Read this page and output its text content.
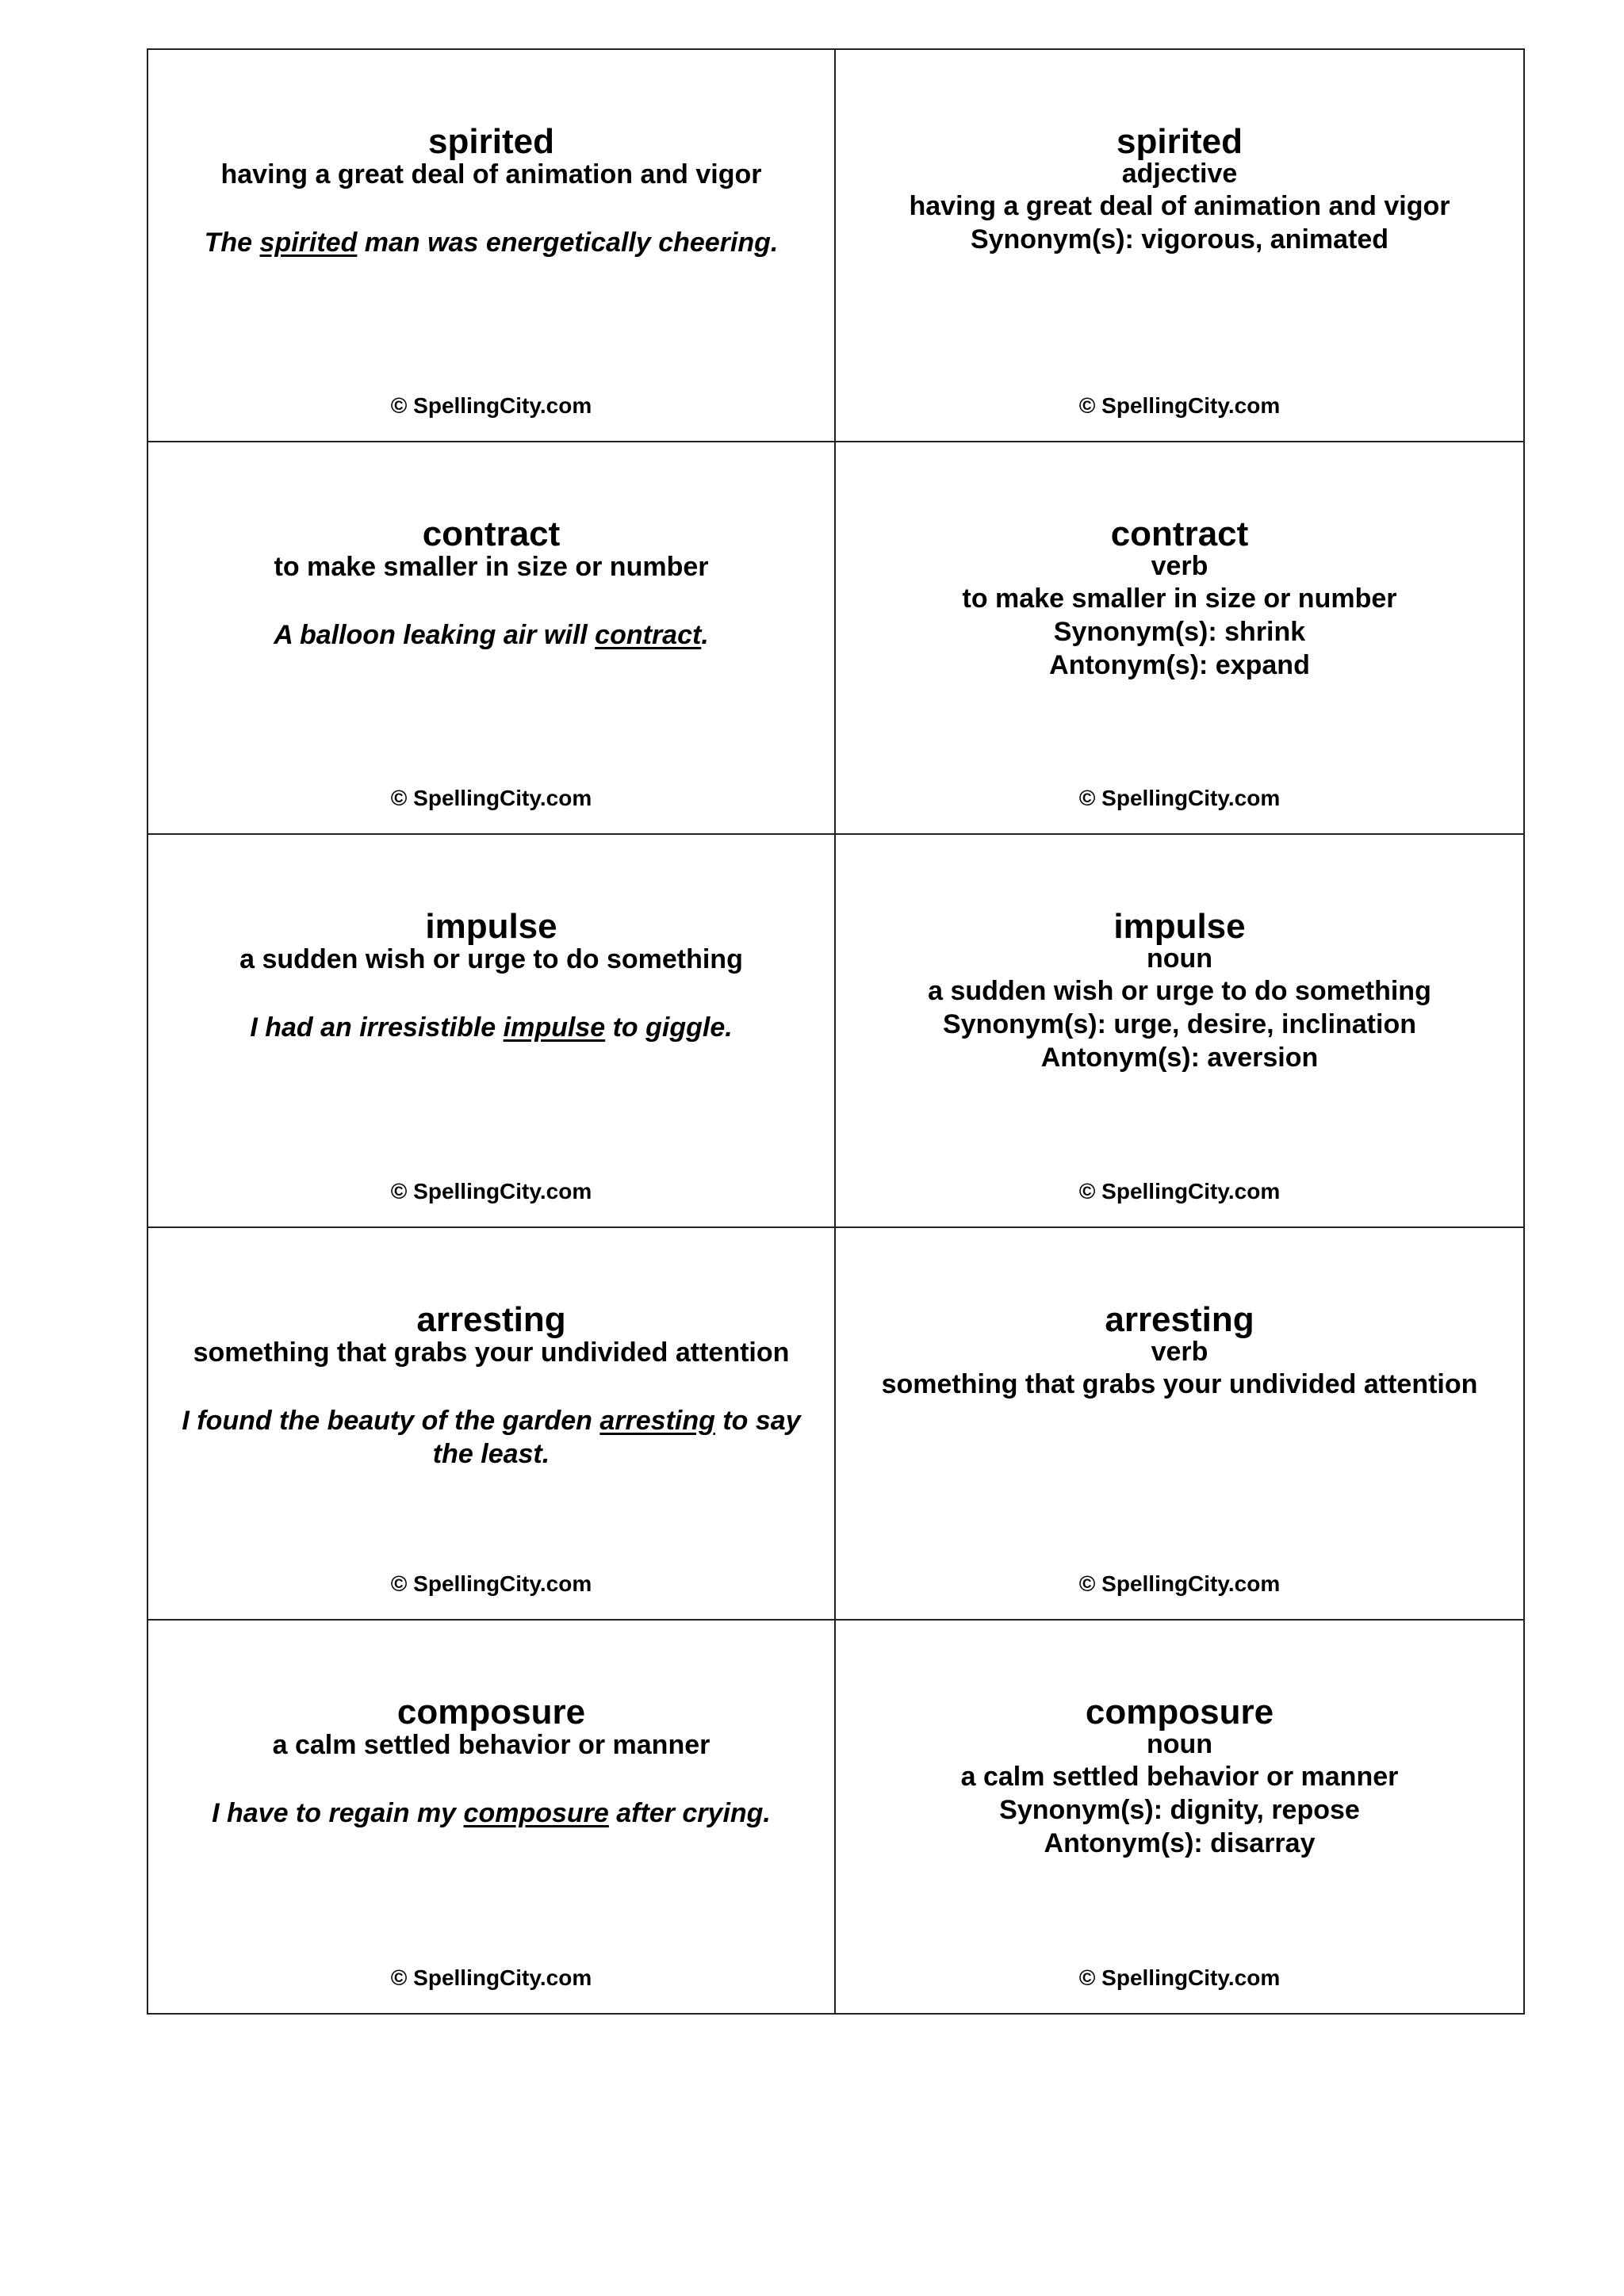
spirited
having a great deal of animation and vigor
The spirited man was energetically cheering.
© SpellingCity.com
spirited
adjective
having a great deal of animation and vigor
Synonym(s): vigorous, animated
© SpellingCity.com
contract
to make smaller in size or number
A balloon leaking air will contract.
© SpellingCity.com
contract
verb
to make smaller in size or number
Synonym(s): shrink
Antonym(s): expand
© SpellingCity.com
impulse
a sudden wish or urge to do something
I had an irresistible impulse to giggle.
© SpellingCity.com
impulse
noun
a sudden wish or urge to do something
Synonym(s): urge, desire, inclination
Antonym(s): aversion
© SpellingCity.com
arresting
something that grabs your undivided attention
I found the beauty of the garden arresting to say the least.
© SpellingCity.com
arresting
verb
something that grabs your undivided attention
© SpellingCity.com
composure
a calm settled behavior or manner
I have to regain my composure after crying.
© SpellingCity.com
composure
noun
a calm settled behavior or manner
Synonym(s): dignity, repose
Antonym(s): disarray
© SpellingCity.com
